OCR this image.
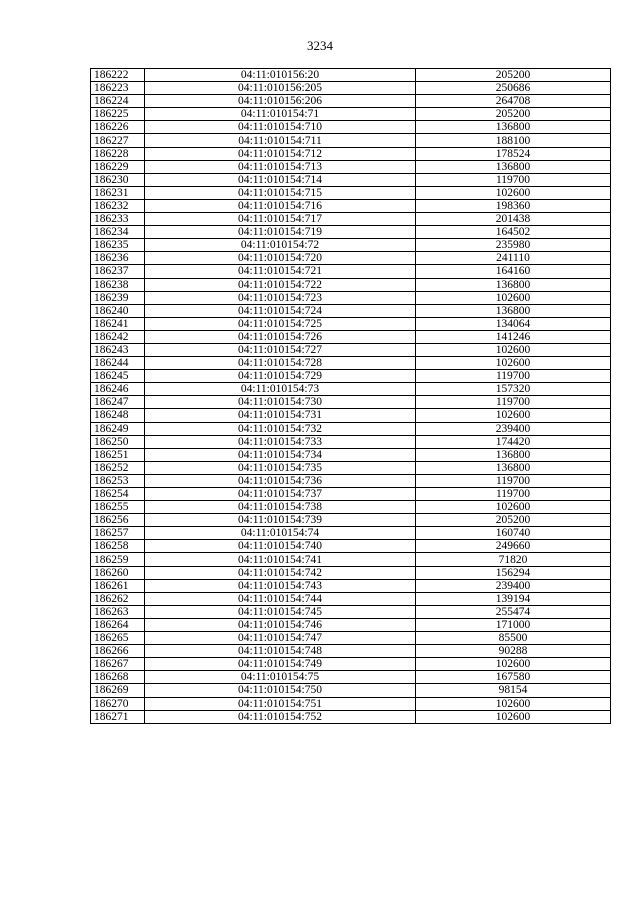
3234
186222	04:11:010156:20	205200
186223	04:11:010156:205	250686
186224	04:11:010156:206	264708
186225	04:11:010154:71	205200
186226	04:11:010154:710	136800
186227	04:11:010154:711	188100
186228	04:11:010154:712	178524
186229	04:11:010154:713	136800
186230	04:11:010154:714	119700
186231	04:11:010154:715	102600
186232	04:11:010154:716	198360
186233	04:11:010154:717	201438
186234	04:11:010154:719	164502
186235	04:11:010154:72	235980
186236	04:11:010154:720	241110
186237	04:11:010154:721	164160
186238	04:11:010154:722	136800
186239	04:11:010154:723	102600
186240	04:11:010154:724	136800
186241	04:11:010154:725	134064
186242	04:11:010154:726	141246
186243	04:11:010154:727	102600
186244	04:11:010154:728	102600
186245	04:11:010154:729	119700
186246	04:11:010154:73	157320
186247	04:11:010154:730	119700
186248	04:11:010154:731	102600
186249	04:11:010154:732	239400
186250	04:11:010154:733	174420
186251	04:11:010154:734	136800
186252	04:11:010154:735	136800
186253	04:11:010154:736	119700
186254	04:11:010154:737	119700
186255	04:11:010154:738	102600
186256	04:11:010154:739	205200
186257	04:11:010154:74	160740
186258	04:11:010154:740	249660
186259	04:11:010154:741	71820
186260	04:11:010154:742	156294
186261	04:11:010154:743	239400
186262	04:11:010154:744	139194
186263	04:11:010154:745	255474
186264	04:11:010154:746	171000
186265	04:11:010154:747	85500
186266	04:11:010154:748	90288
186267	04:11:010154:749	102600
186268	04:11:010154:75	167580
186269	04:11:010154:750	98154
186270	04:11:010154:751	102600
186271	04:11:010154:752	102600
